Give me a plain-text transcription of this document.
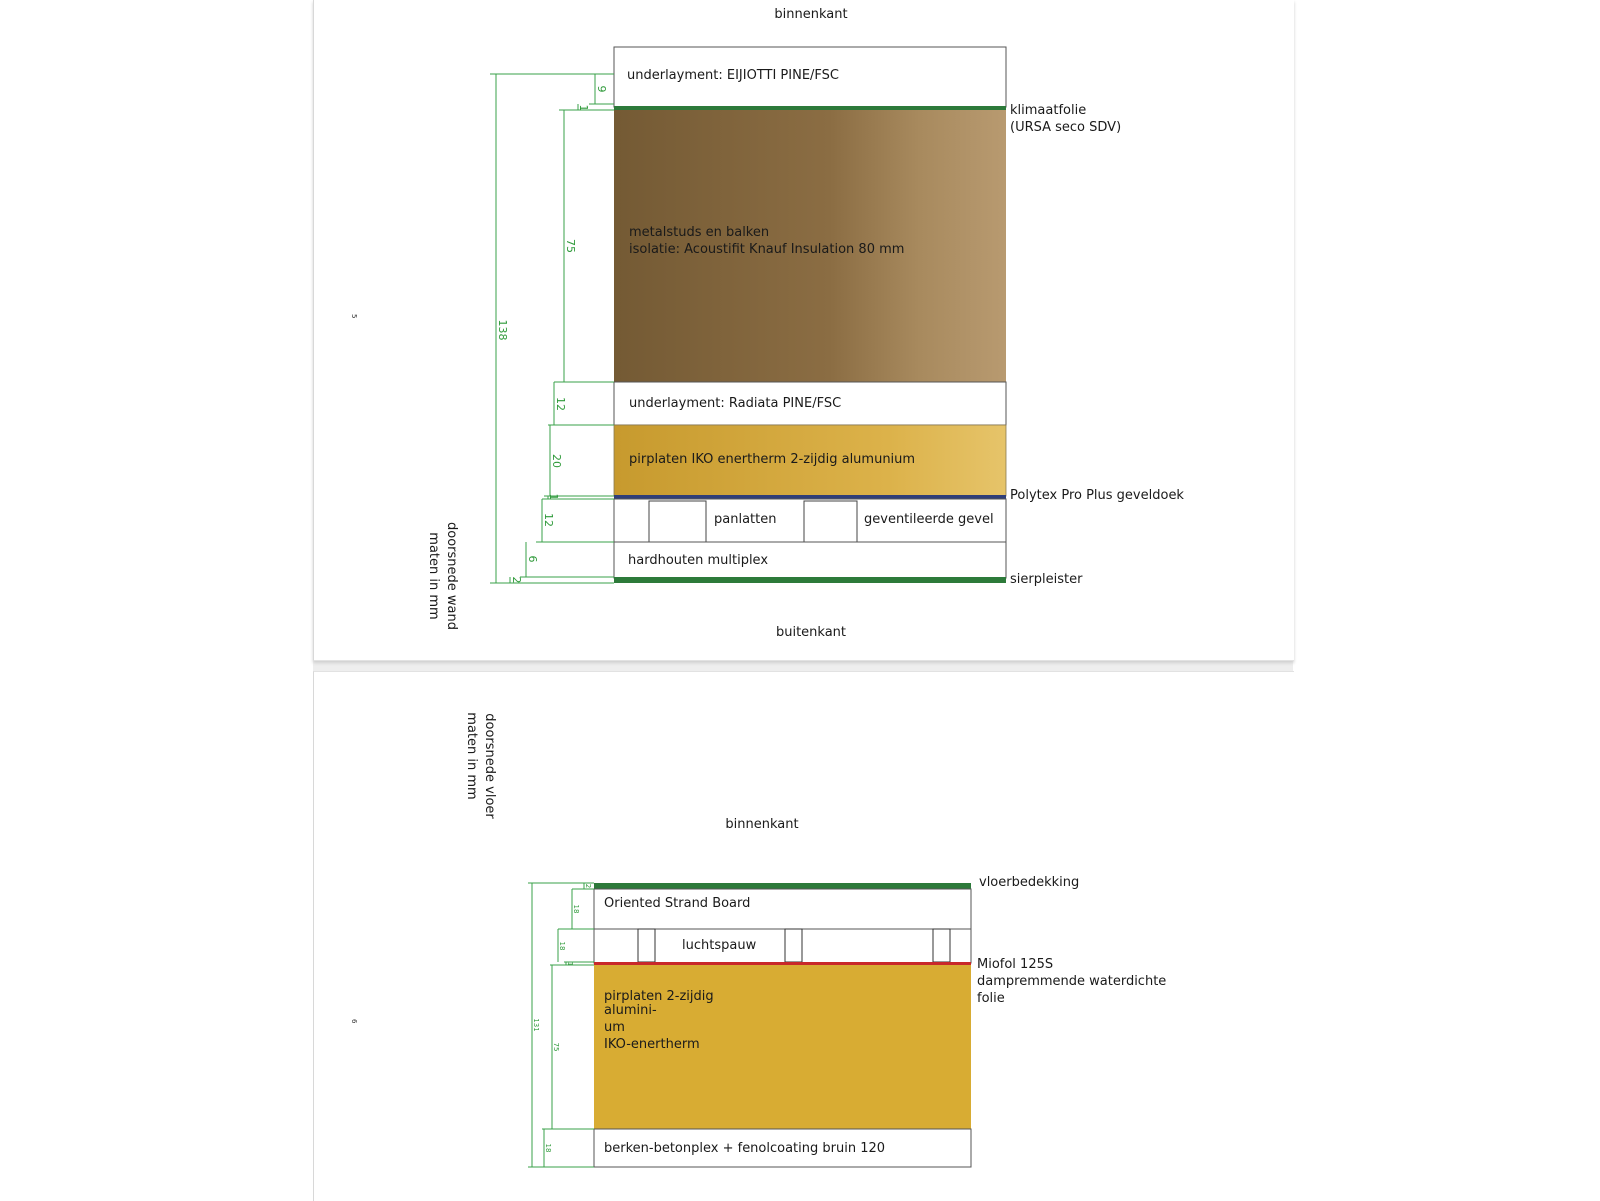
binnenkant
5
underlayment: EIJIOTTI PINE/FSC
klimaatfolie
(URSA seco SDV)
metalstuds en balken
isolatie: Acoustifit Knauf Insulation 80 mm
underlayment: Radiata PINE/FSC
pirplaten IKO enertherm 2-zijdig alumunium
Polytex Pro Plus geveldoek
panlatten	geventileerde gevel
hardhouten multiplex
sierpleister
138
9
1
75
12
20
1
12
6
2
doorsnede wand
maten in mm
buitenkant
doorsnede vloer
maten in mm
binnenkant
6
vloerbedekking
Oriented Strand Board
luchtspauw
Miofol 125S
dampremmende waterdichte
folie
pirplaten 2-zijdig
alumini-
um
IKO-enertherm
berken-betonplex + fenolcoating bruin 120
131
2
18
18
1
75
18
